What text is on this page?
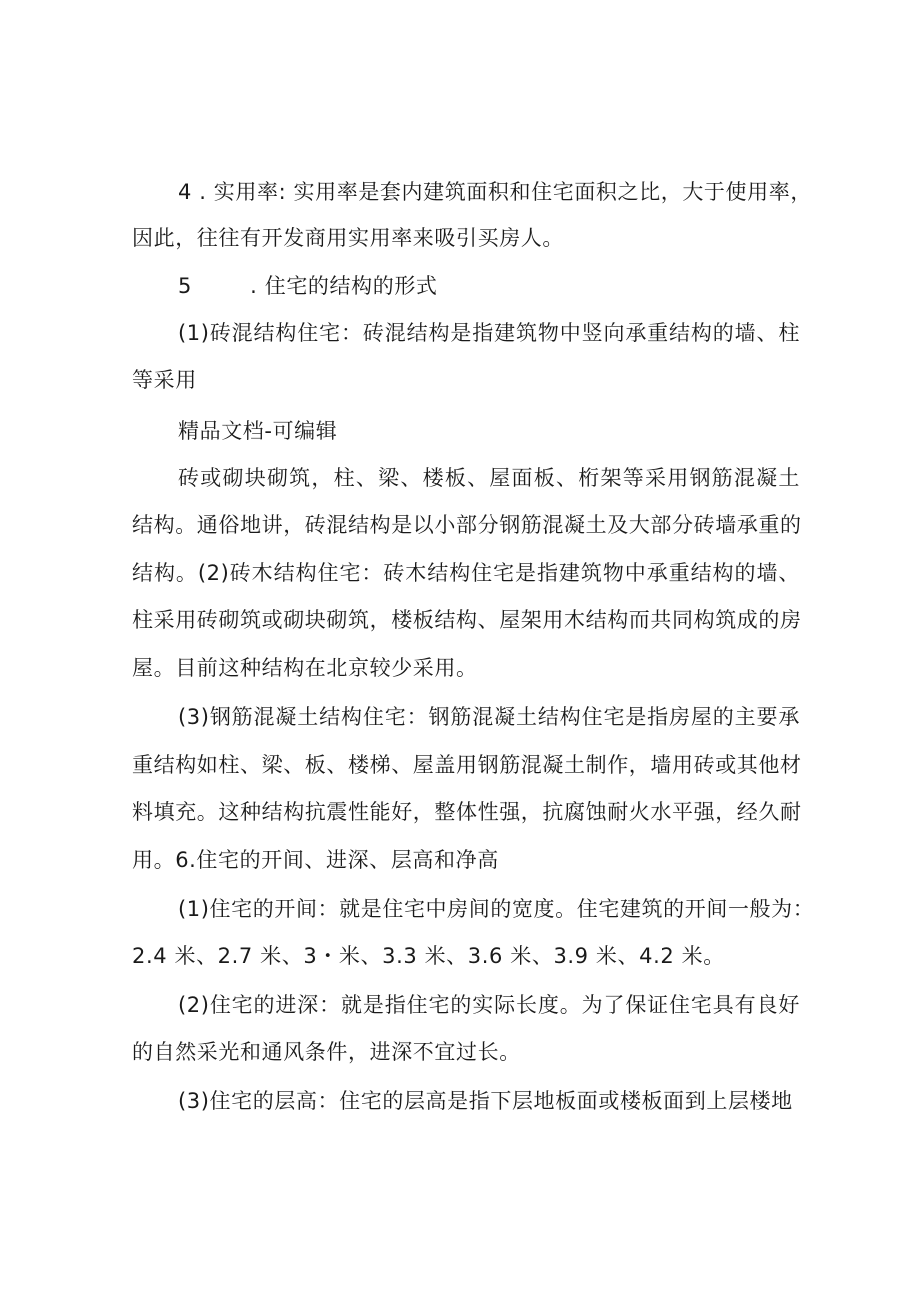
4 . 实用率: 实用率是套内建筑面积和住宅面积之比，大于使用率，
因此，往往有开发商用实用率来吸引买房人。
5        . 住宅的结构的形式
(1)砖混结构住宅：砖混结构是指建筑物中竖向承重结构的墙、柱
等采用
精品文档-可编辑
砖或砌块砌筑，柱、梁、楼板、屋面板、桁架等采用钢筋混凝土
结构。通俗地讲，砖混结构是以小部分钢筋混凝土及大部分砖墙承重的
结构。(2)砖木结构住宅：砖木结构住宅是指建筑物中承重结构的墙、
柱采用砖砌筑或砌块砌筑，楼板结构、屋架用木结构而共同构筑成的房
屋。目前这种结构在北京较少采用。
(3)钢筋混凝土结构住宅：钢筋混凝土结构住宅是指房屋的主要承
重结构如柱、梁、板、楼梯、屋盖用钢筋混凝土制作，墙用砖或其他材
料填充。这种结构抗震性能好，整体性强，抗腐蚀耐火水平强，经久耐
用。6.住宅的开间、进深、层高和净高
(1)住宅的开间：就是住宅中房间的宽度。住宅建筑的开间一般为：
2.4 米、2.7 米、3・米、3.3 米、3.6 米、3.9 米、4.2 米。
(2)住宅的进深：就是指住宅的实际长度。为了保证住宅具有良好
的自然采光和通风条件，进深不宜过长。
(3)住宅的层高：住宅的层高是指下层地板面或楼板面到上层楼地
